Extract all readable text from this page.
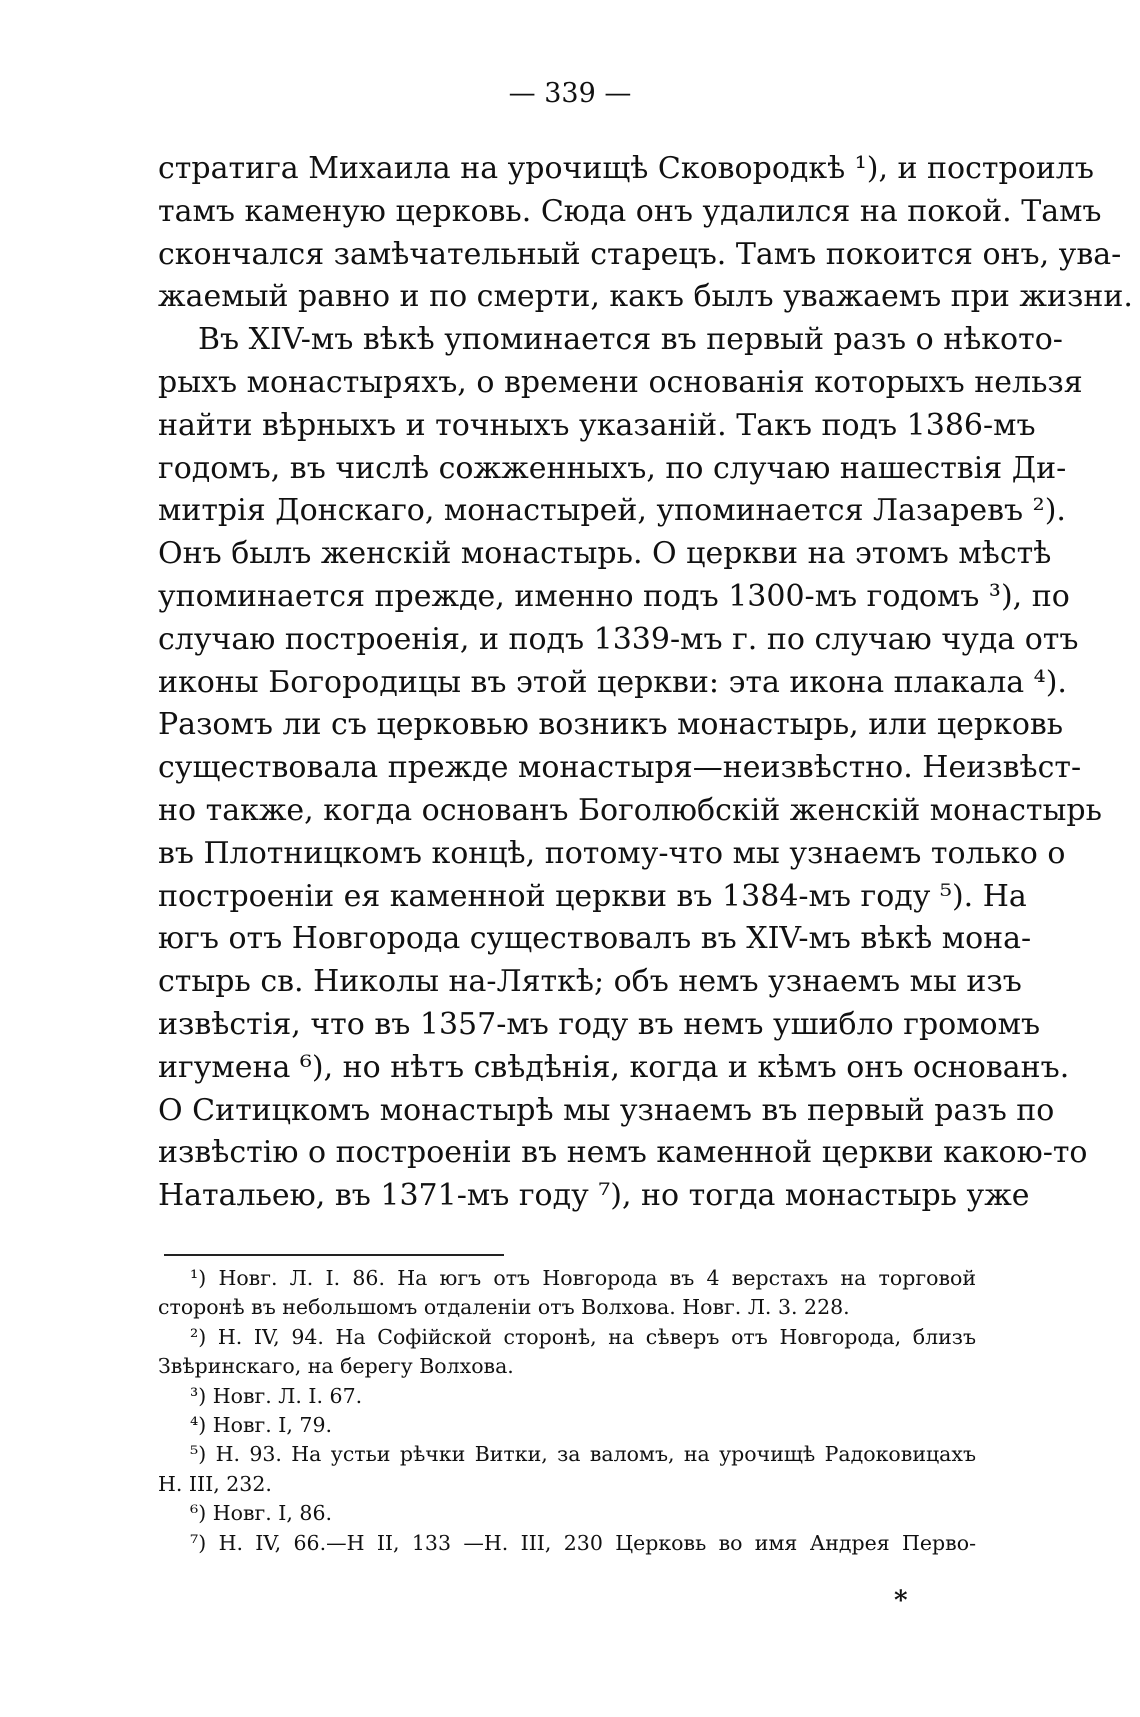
— 339 —
стратига Михаила на урочищѣ Сковородкѣ ¹), и построилъ
тамъ каменую церковь. Сюда онъ удалился на покой. Тамъ
скончался замѣчательный старецъ. Тамъ покоится онъ, ува-
жаемый равно и по смерти, какъ былъ уважаемъ при жизни.
Въ XIV-мъ вѣкѣ упоминается въ первый разъ о нѣкото-
рыхъ монастыряхъ, о времени основанія которыхъ нельзя
найти вѣрныхъ и точныхъ указаній. Такъ подъ 1386-мъ
годомъ, въ числѣ сожженныхъ, по случаю нашествія Ди-
митрія Донскаго, монастырей, упоминается Лазаревъ ²).
Онъ былъ женскій монастырь. О церкви на этомъ мѣстѣ
упоминается прежде, именно подъ 1300-мъ годомъ ³), по
случаю построенія, и подъ 1339-мъ г. по случаю чуда отъ
иконы Богородицы въ этой церкви: эта икона плакала ⁴).
Разомъ ли съ церковью возникъ монастырь, или церковь
существовала прежде монастыря—неизвѣстно. Неизвѣст-
но также, когда основанъ Боголюбскій женскій монастырь
въ Плотницкомъ концѣ, потому-что мы узнаемъ только о
построеніи ея каменной церкви въ 1384-мъ году ⁵). На
югъ отъ Новгорода существовалъ въ XIV-мъ вѣкѣ мона-
стырь св. Николы на-Ляткѣ; объ немъ узнаемъ мы изъ
извѣстія, что въ 1357-мъ году въ немъ ушибло громомъ
игумена ⁶), но нѣтъ свѣдѣнія, когда и кѣмъ онъ основанъ.
О Ситицкомъ монастырѣ мы узнаемъ въ первый разъ по
извѣстію о построеніи въ немъ каменной церкви какою-то
Натальею, въ 1371-мъ году ⁷), но тогда монастырь уже
¹) Новг. Л. I. 86. На югъ отъ Новгорода въ 4 верстахъ на торговой
сторонѣ въ небольшомъ отдаленіи отъ Волхова. Новг. Л. 3. 228.
²) Н. IV, 94. На Софійской сторонѣ, на сѣверъ отъ Новгорода, близъ
Звѣринскаго, на берегу Волхова.
³) Новг. Л. I. 67.
⁴) Новг. I, 79.
⁵) Н. 93. На устьи рѣчки Витки, за валомъ, на урочищѣ Радоковицахъ
Н. III, 232.
⁶) Новг. I, 86.
⁷) Н. IV, 66.—Н II, 133 —Н. III, 230 Церковь во имя Андрея Перво-
*
